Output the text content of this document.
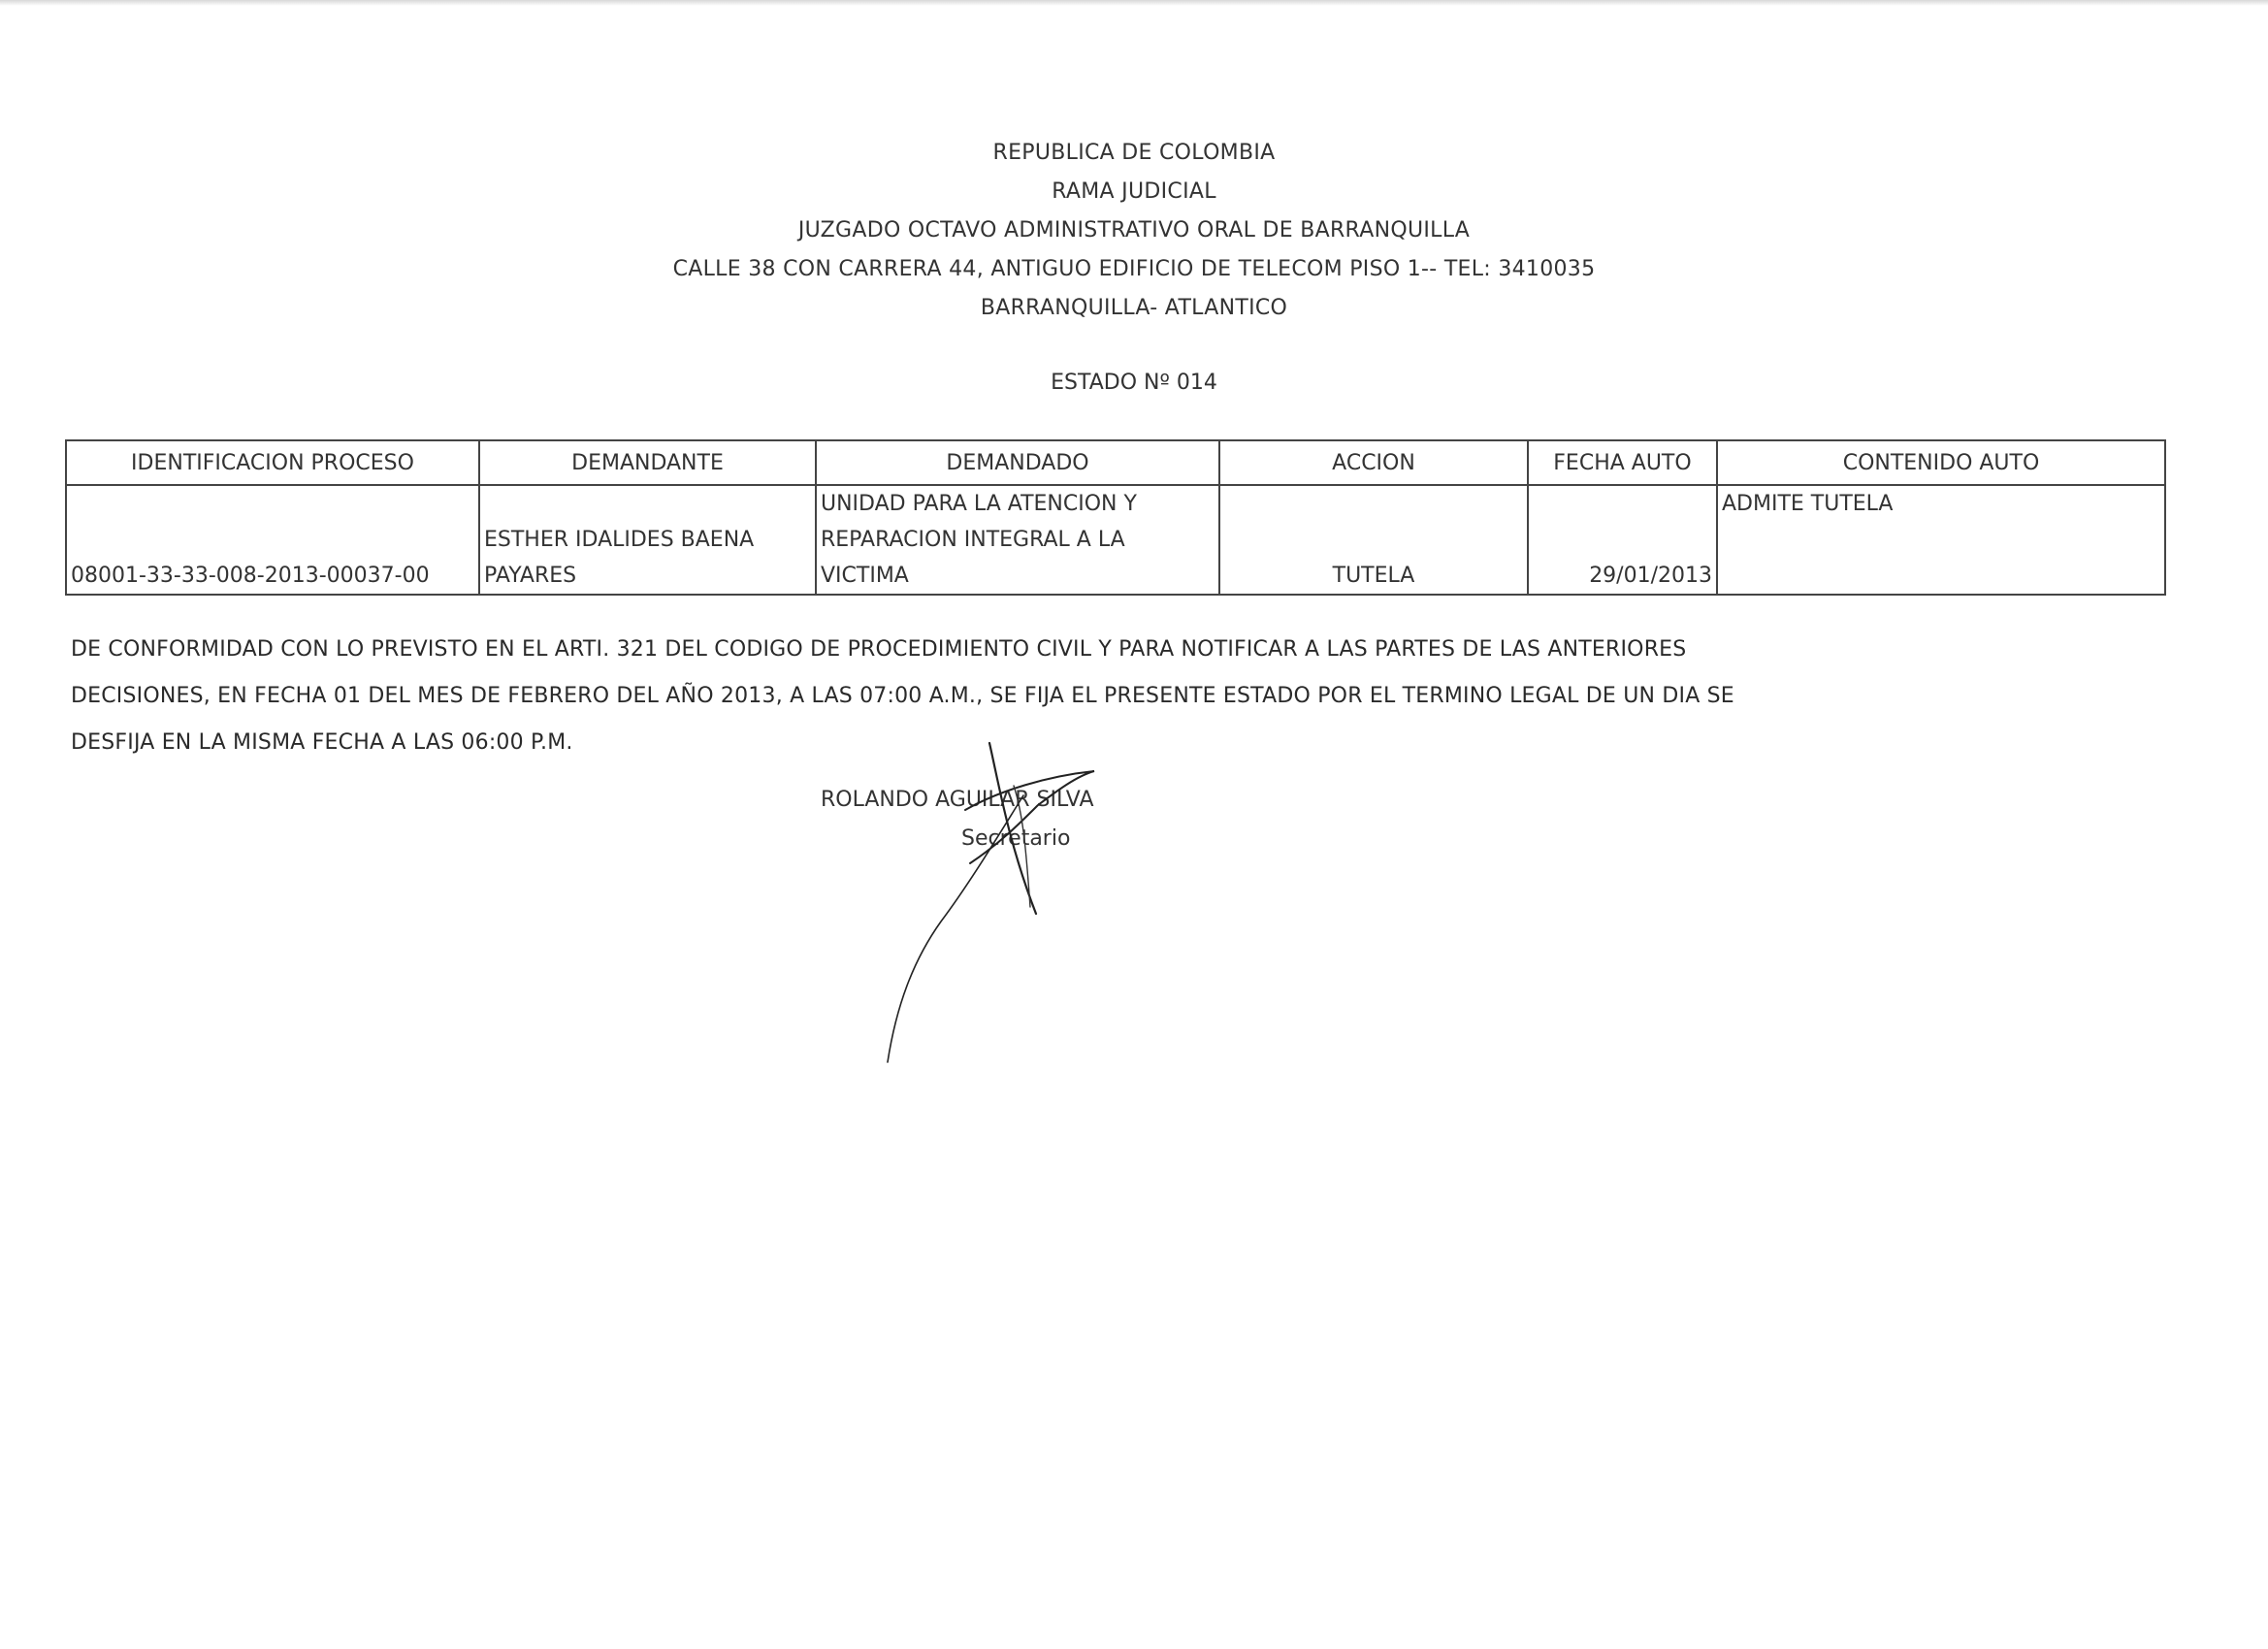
REPUBLICA DE COLOMBIA
RAMA JUDICIAL
JUZGADO OCTAVO ADMINISTRATIVO ORAL DE BARRANQUILLA
CALLE 38 CON CARRERA 44, ANTIGUO EDIFICIO DE TELECOM PISO 1-- TEL: 3410035
BARRANQUILLA- ATLANTICO
ESTADO Nº 014
IDENTIFICACION PROCESO	DEMANDANTE	DEMANDADO	ACCION	FECHA AUTO	CONTENIDO AUTO
08001-33-33-008-2013-00037-00	ESTHER IDALIDES BAENA PAYARES	UNIDAD PARA LA ATENCION Y REPARACION INTEGRAL A LA VICTIMA	TUTELA	29/01/2013	ADMITE TUTELA
DE CONFORMIDAD CON LO PREVISTO EN EL ARTI. 321 DEL CODIGO DE PROCEDIMIENTO CIVIL Y PARA NOTIFICAR A LAS PARTES DE LAS ANTERIORES
DECISIONES, EN FECHA 01 DEL MES DE FEBRERO DEL AÑO 2013, A LAS 07:00 A.M., SE FIJA EL PRESENTE ESTADO POR EL TERMINO LEGAL DE UN DIA SE
DESFIJA EN LA MISMA FECHA A LAS 06:00 P.M.
ROLANDO AGUILAR SILVA
Secretario
